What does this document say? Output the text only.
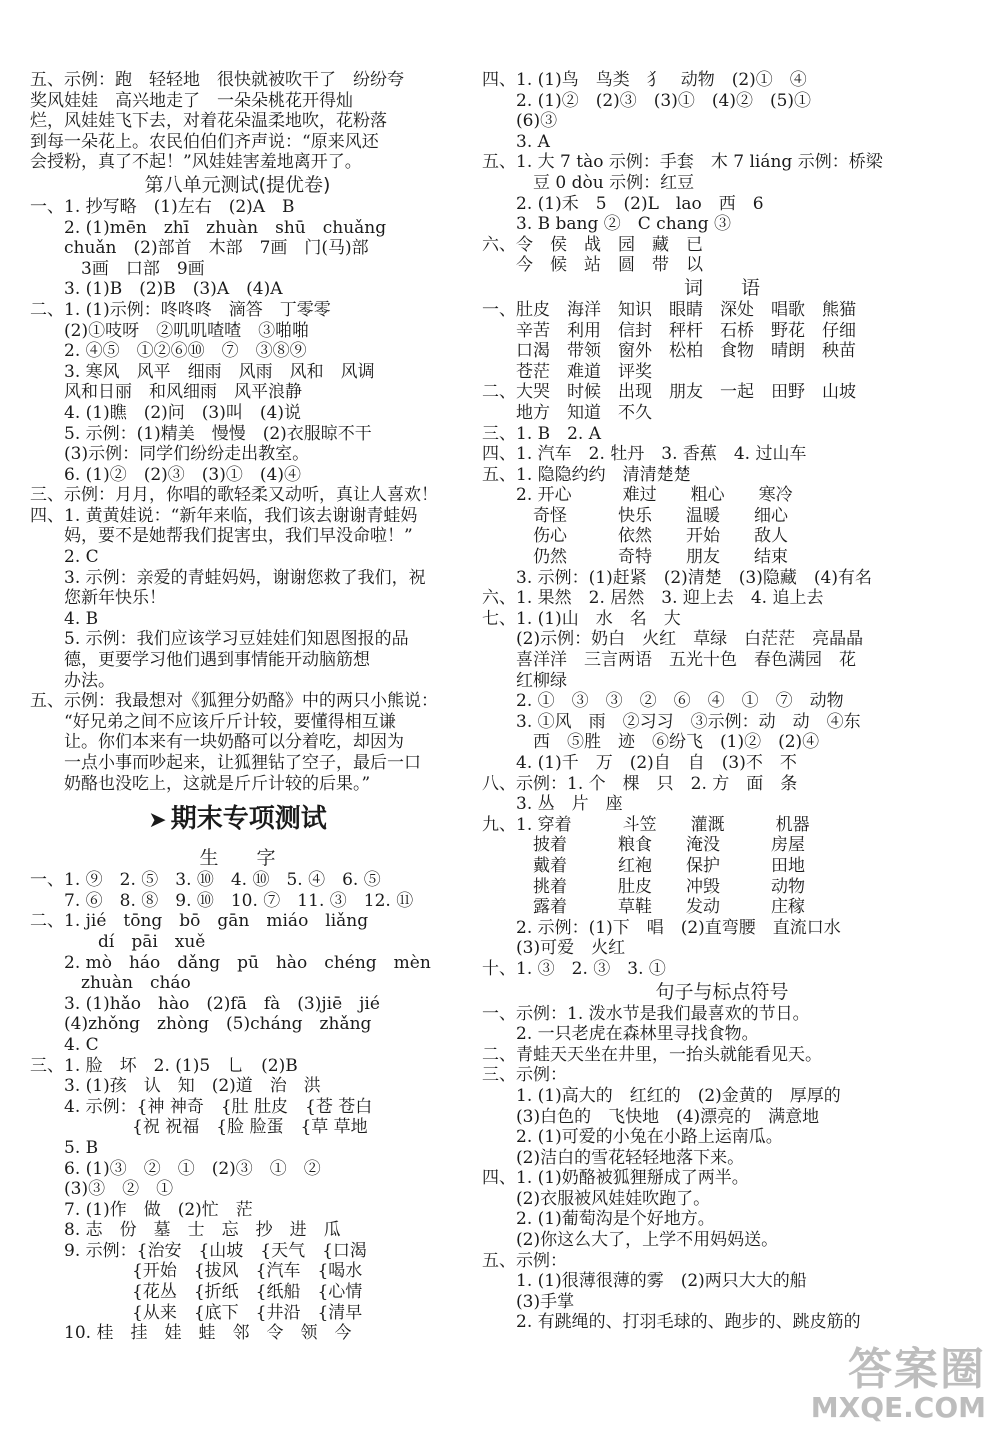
五、示例：跑　轻轻地　很快就被吹干了　纷纷夸
奖风娃娃　高兴地走了　一朵朵桃花开得灿
烂，风娃娃飞下去，对着花朵温柔地吹，花粉落
到每一朵花上。农民伯伯们齐声说：“原来风还
会授粉，真了不起！”风娃娃害羞地离开了。
第八单元测试(提优卷)
一、1. 抄写略　(1)左右　(2)A　B
　　2. (1)mēn　zhī　zhuàn　shū　chuǎng
　　chuǎn　(2)部首　木部　7画　门(马)部
　　　3画　口部　9画
　　3. (1)B　(2)B　(3)A　(4)A
二、1. (1)示例：咚咚咚　滴答　丁零零
　　(2)①吱呀　②叽叽喳喳　③啪啪
　　2. ④⑤　①②⑥⑩　⑦　③⑧⑨
　　3. 寒风　风平　细雨　风雨　风和　风调
　　风和日丽　和风细雨　风平浪静
　　4. (1)瞧　(2)问　(3)叫　(4)说
　　5. 示例：(1)精美　慢慢　(2)衣服晾不干
　　(3)示例：同学们纷纷走出教室。
　　6. (1)②　(2)③　(3)①　(4)④
三、示例：月月，你唱的歌轻柔又动听，真让人喜欢！
四、1. 黄黄娃说：“新年来临，我们该去谢谢青蛙妈
　　妈，要不是她帮我们捉害虫，我们早没命啦！”
　　2. C
　　3. 示例：亲爱的青蛙妈妈，谢谢您救了我们，祝
　　您新年快乐！
　　4. B
　　5. 示例：我们应该学习豆娃娃们知恩图报的品
　　德，更要学习他们遇到事情能开动脑筋想
　　办法。
五、示例：我最想对《狐狸分奶酪》中的两只小熊说：
　　“好兄弟之间不应该斤斤计较，要懂得相互谦
　　让。你们本来有一块奶酪可以分着吃，却因为
　　一点小事而吵起来，让狐狸钻了空子，最后一口
　　奶酪也没吃上，这就是斤斤计较的后果。”
➤ 期末专项测试
生　　字
一、1. ⑨　2. ⑤　3. ⑩　4. ⑩　5. ④　6. ⑤
　　7. ⑥　8. ⑧　9. ⑩　10. ⑦　11. ③　12. ⑪
二、1. jié　tōng　bō　gān　miáo　liǎng
　　　　dí　pāi　xuě
　　2. mò　háo　dǎng　pū　hào　chéng　mèn
　　　zhuàn　cháo
　　3. (1)hǎo　hào　(2)fā　fà　(3)jiē　jié
　　(4)zhǒng　zhòng　(5)cháng　zhǎng
　　4. C
三、1. 脸　坏　2. (1)5　乚　(2)B
　　3. (1)孩　认　知　(2)道　治　洪
　　4. 示例：{神 神奇　{肚 肚皮　{苍 苍白
　　　　　　{祝 祝福　{脸 脸蛋　{草 草地
　　5. B
　　6. (1)③　②　①　(2)③　①　②
　　(3)③　②　①
　　7. (1)作　做　(2)忙　茫
　　8. 志　份　墓　士　忘　抄　进　瓜
　　9. 示例：{治安　{山坡　{天气　{口渴
　　　　　　{开始　{拔风　{汽车　{喝水
　　　　　　{花丛　{折纸　{纸船　{心情
　　　　　　{从来　{底下　{井沿　{清早
　　10. 桂　挂　娃　蛙　邻　令　领　今
四、1. (1)鸟　鸟类　犭　动物　(2)①　④
　　2. (1)②　(2)③　(3)①　(4)②　(5)①
　　(6)③
　　3. A
五、1. 大 7 tào 示例：手套　木 7 liáng 示例：桥梁
　　　豆 0 dòu 示例：红豆
　　2. (1)禾　5　(2)L　lao　西　6
　　3. B bang ②　C chang ③
六、令　侯　战　园　藏　已
　　今　候　站　圆　带　以
词　　语
一、肚皮　海洋　知识　眼睛　深处　唱歌　熊猫
　　辛苦　利用　信封　秤杆　石桥　野花　仔细
　　口渴　带领　窗外　松柏　食物　晴朗　秧苗
　　苍茫　难道　评奖
二、大哭　时候　出现　朋友　一起　田野　山坡
　　地方　知道　不久
三、1. B　2. A
四、1. 汽车　2. 牡丹　3. 香蕉　4. 过山车
五、1. 隐隐约约　清清楚楚
　　2. 开心　　　难过　　粗心　　寒冷
　　　奇怪　　　快乐　　温暖　　细心
　　　伤心　　　依然　　开始　　敌人
　　　仍然　　　奇特　　朋友　　结束
　　3. 示例：(1)赶紧　(2)清楚　(3)隐藏　(4)有名
六、1. 果然　2. 居然　3. 迎上去　4. 追上去
七、1. (1)山　水　名　大
　　(2)示例：奶白　火红　草绿　白茫茫　亮晶晶
　　喜洋洋　三言两语　五光十色　春色满园　花
　　红柳绿
　　2. ①　③　③　②　⑥　④　①　⑦　动物
　　3. ①风　雨　②习习　③示例：动　动　④东
　　　西　⑤胜　迹　⑥纷飞　(1)②　(2)④
　　4. (1)千　万　(2)自　自　(3)不　不
八、示例：1. 个　棵　只　2. 方　面　条
　　3. 丛　片　座
九、1. 穿着　　　斗笠　　灌溉　　　机器
　　　披着　　　粮食　　淹没　　　房屋
　　　戴着　　　红袍　　保护　　　田地
　　　挑着　　　肚皮　　冲毁　　　动物
　　　露着　　　草鞋　　发动　　　庄稼
　　2. 示例：(1)下　唱　(2)直弯腰　直流口水
　　(3)可爱　火红
十、1. ③　2. ③　3. ①
句子与标点符号
一、示例：1. 泼水节是我们最喜欢的节日。
　　2. 一只老虎在森林里寻找食物。
二、青蛙天天坐在井里，一抬头就能看见天。
三、示例：
　　1. (1)高大的　红红的　(2)金黄的　厚厚的
　　(3)白色的　飞快地　(4)漂亮的　满意地
　　2. (1)可爱的小兔在小路上运南瓜。
　　(2)洁白的雪花轻轻地落下来。
四、1. (1)奶酪被狐狸掰成了两半。
　　(2)衣服被风娃娃吹跑了。
　　2. (1)葡萄沟是个好地方。
　　(2)你这么大了，上学不用妈妈送。
五、示例：
　　1. (1)很薄很薄的雾　(2)两只大大的船
　　(3)手掌
　　2. 有跳绳的、打羽毛球的、跑步的、跳皮筋的
答案圈
MXQE.COM
